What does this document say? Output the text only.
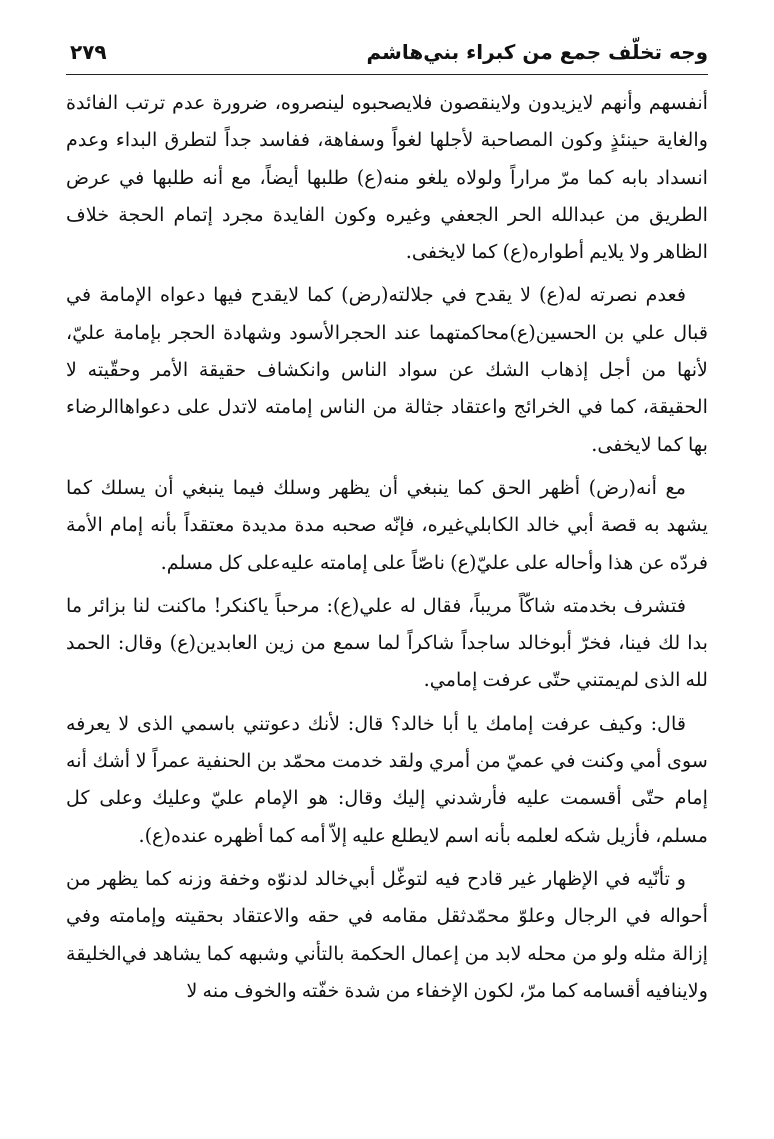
وجه تخلّف جمع من كبراء بني‌هاشم
٢٧٩

أنفسهم وأنهم لايزيدون ولاينقصون فلايصحبوه لينصروه، ضرورة عدم ترتب الفائدة والغاية حينئذٍ وكون المصاحبة لأجلها لغواً وسفاهة، ففاسد جداً لتطرق البداء وعدم انسداد بابه كما مرّ مراراً ولولاه يلغو منه(ع) طلبها أيضاً، مع أنه طلبها في عرض الطريق من عبدالله الحر الجعفي وغيره وكون الفايدة مجرد إتمام الحجة خلاف الظاهر ولا يلايم أطواره(ع) كما لايخفى.

فعدم نصرته له(ع) لا يقدح في جلالته(رض) كما لايقدح فيها دعواه الإمامة في قبال علي بن الحسين(ع)محاكمتهما عند الحجرالأسود وشهادة الحجر بإمامة عليّ، لأنها من أجل إذهاب الشك عن سواد الناس وانكشاف حقيقة الأمر وحقّيته لا الحقيقة، كما في الخرائج واعتقاد جثالة من الناس إمامته لاتدل على دعواهاالرضاء بها كما لايخفى.

مع أنه(رض) أظهر الحق كما ينبغي أن يظهر وسلك فيما ينبغي أن يسلك كما يشهد به قصة أبي خالد الكابلي‌غيره، فإنّه صحبه مدة مديدة معتقداً بأنه إمام الأمة فردّه عن هذا وأحاله على عليّ(ع) ناصّاً على إمامته عليه‌على كل مسلم.

فتشرف بخدمته شاكّاً مريباً، فقال له علي(ع): مرحباً ياكنكر! ماكنت لنا بزائر ما بدا لك فينا، فخرّ أبوخالد ساجداً شاكراً لما سمع من زين العابدين(ع) وقال: الحمد لله الذى لم‌يمتني حتّى عرفت إمامي.

قال: وكيف عرفت إمامك يا أبا خالد؟ قال: لأنك دعوتني باسمي الذى لا يعرفه سوى أمي وكنت في عميّ من أمري ولقد خدمت محمّد بن الحنفية عمراً لا أشك أنه إمام حتّى أقسمت عليه فأرشدني إليك وقال: هو الإمام عليّ وعليك وعلى كل مسلم، فأزيل شكه لعلمه بأنه اسم لايطلع عليه إلاّ أمه كما أظهره عنده(ع).

و تأنّيه في الإظهار غير قادح فيه لتوغّل أبي‌خالد لدنوّه وخفة وزنه كما يظهر من أحواله في الرجال وعلوّ محمّدثقل مقامه في حقه والاعتقاد بحقيته وإمامته وفي إزالة مثله ولو من محله لابد من إعمال الحكمة بالتأني وشبهه كما يشاهد في‌الخليقة ولاينافيه أقسامه كما مرّ، لكون الإخفاء من شدة خفّته والخوف منه لا
